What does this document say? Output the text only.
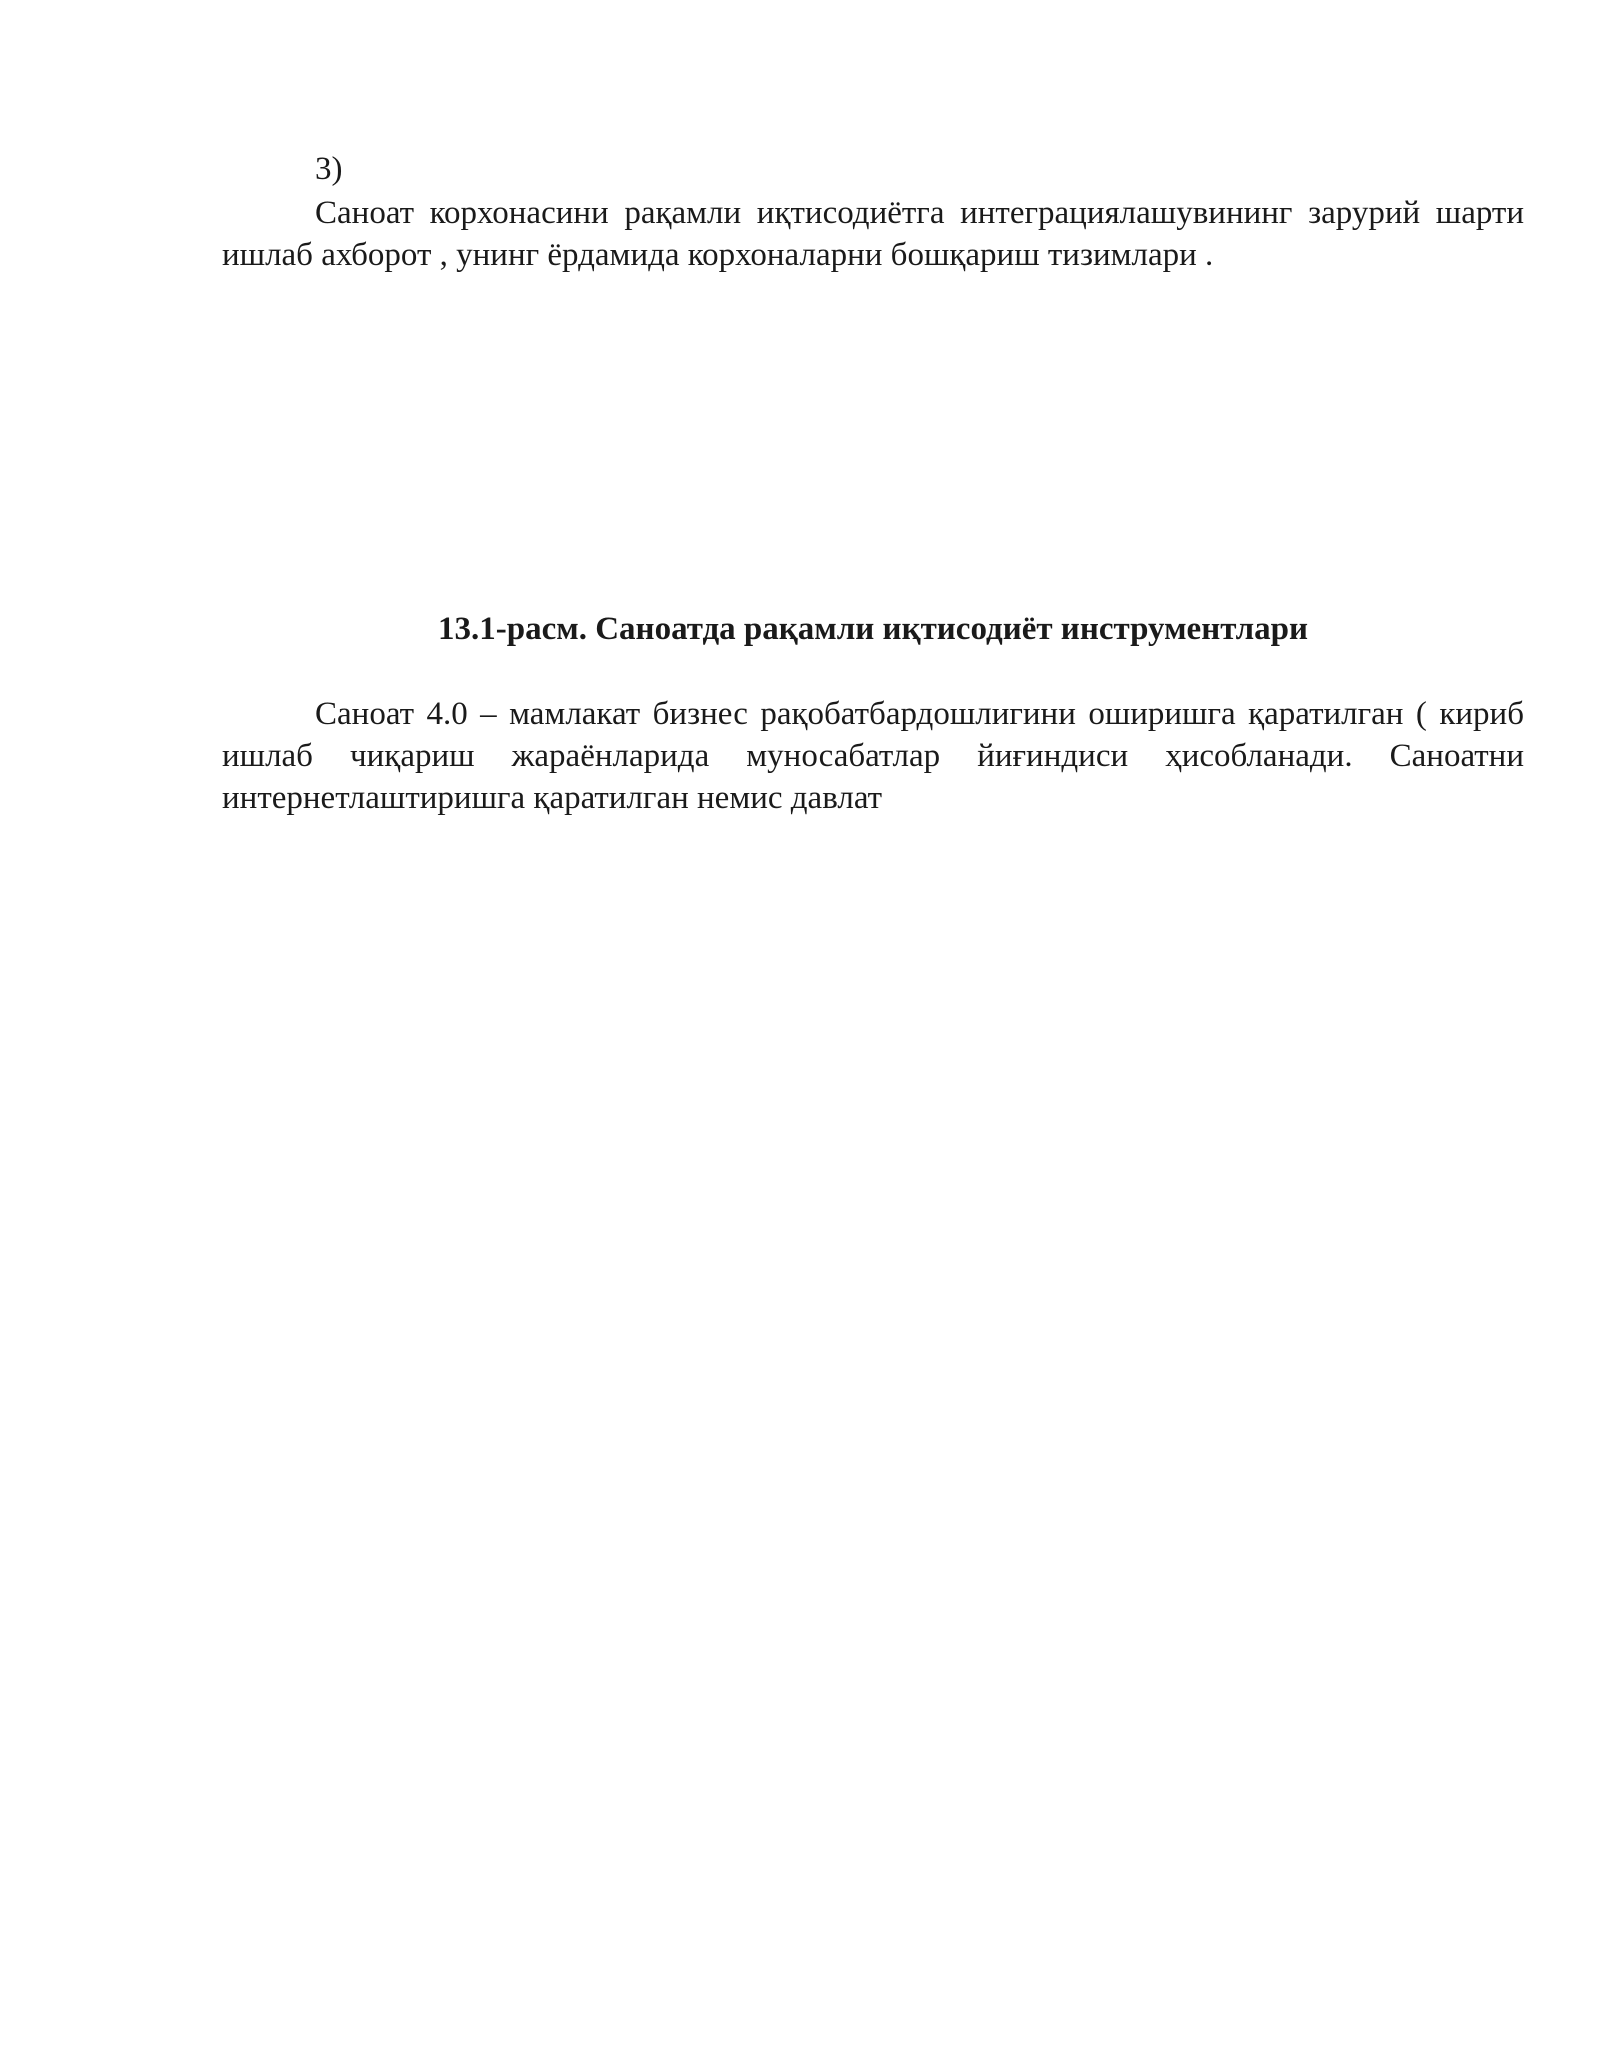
3)

Саноат корхонасини рақамли иқтисодиётга интеграциялашувининг зарурий шарти ишлаб ахборот , унинг ёрдамида корхоналарни бошқариш тизимлари .

13.1-расм. Саноатда рақамли иқтисодиёт инструментлари

Саноат 4.0 – мамлакат бизнес рақобатбардошлигини оширишга қаратилган ( кириб ишлаб чиқариш жараёнларида муносабатлар йиғиндиси ҳисобланади. Саноатни интернетлаштиришга қаратилган немис давлат
